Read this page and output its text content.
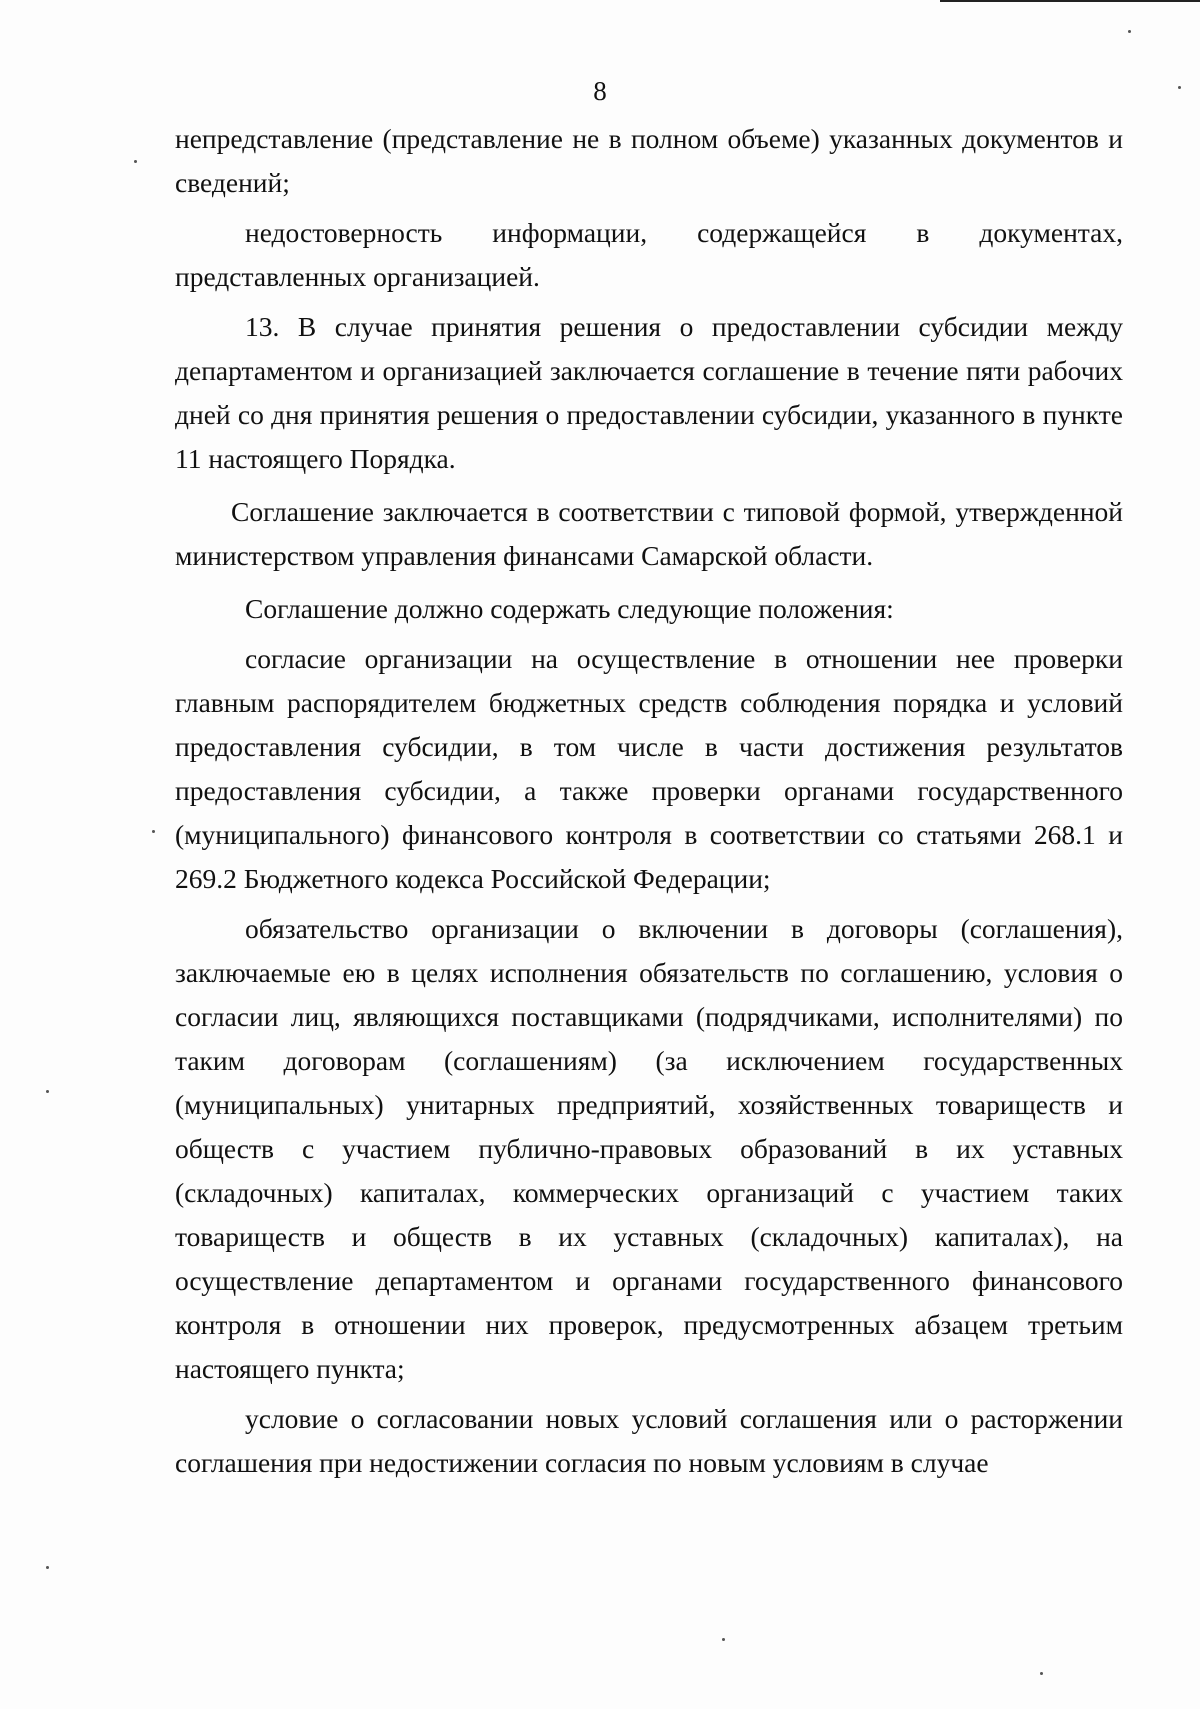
8

непредставление (представление не в полном объеме) указанных документов и сведений;

недостоверность информации, содержащейся в документах, представленных организацией.

13. В случае принятия решения о предоставлении субсидии между департаментом и организацией заключается соглашение в течение пяти рабочих дней со дня принятия решения о предоставлении субсидии, указанного в пункте 11 настоящего Порядка.

Соглашение заключается в соответствии с типовой формой, утвержденной министерством управления финансами Самарской области.

Соглашение должно содержать следующие положения:

согласие организации на осуществление в отношении нее проверки главным распорядителем бюджетных средств соблюдения порядка и условий предоставления субсидии, в том числе в части достижения результатов предоставления субсидии, а также проверки органами государственного (муниципального) финансового контроля в соответствии со статьями 268.1 и 269.2 Бюджетного кодекса Российской Федерации;

обязательство организации о включении в договоры (соглашения), заключаемые ею в целях исполнения обязательств по соглашению, условия о согласии лиц, являющихся поставщиками (подрядчиками, исполнителями) по таким договорам (соглашениям) (за исключением государственных (муниципальных) унитарных предприятий, хозяйственных товариществ и обществ с участием публично-правовых образований в их уставных (складочных) капиталах, коммерческих организаций с участием таких товариществ и обществ в их уставных (складочных) капиталах), на осуществление департаментом и органами государственного финансового контроля в отношении них проверок, предусмотренных абзацем третьим настоящего пункта;

условие о согласовании новых условий соглашения или о расторжении соглашения при недостижении согласия по новым условиям в случае
